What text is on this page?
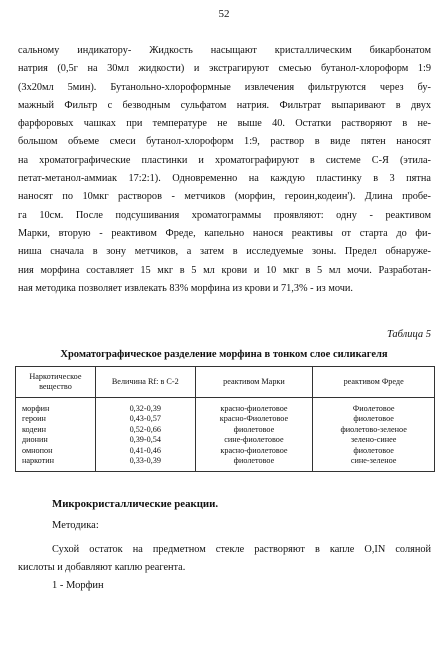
52
сальному индикатору- Жидкость насыщают кристаллическим бикарбонатом
натрия (0,5г на 30мл жидкости) и экстрагируют смесью бутанол-хлороформ 1:9
(3х20мл 5мин). Бутанольно-хлороформные извлечения фильтруются через бу-
мажный Фильтр с безводным сульфатом натрия. Фильтрат выпаривают в двух
фарфоровых чашках при температуре не выше 40. Остатки растворяют в не-
большом объеме смеси бутанол-хлороформ 1:9, раствор в виде пятен наносят
на хроматографические пластинки и хроматографируют в системе С-Я (этила-
петат-метанол-аммиак 17:2:1). Одновременно на каждую пластинку в 3 пятна
наносят по 10мкг растворов - метчиков (морфин, героин,кодеин'). Длина пробе-
га 10см. После подсушивания хроматограммы проявляют: одну - реактивом
Марки, вторую - реактивом Фреде, капельно нанося реактивы от старта до фи-
ниша сначала в зону метчиков, а затем в исследуемые зоны. Предел обнаруже-
ния морфина составляет 15 мкг в 5 мл крови и 10 мкг в 5 мл мочи. Разработан-
ная методика позволяет извлекать 83% морфина из крови и 71,3% - из мочи.
Таблица 5
Хроматографическое разделение морфина в тонком слое силикагеля
Наркотическое вещество	Величина Rf: в С-2	реактивом Марки	реактивом Фреде
морфин	0,32-0,39	красно-фиолетовое	Фиолетовое
героин	0,43-0,57	красно-Фиолетовое	фиолетовое
кодеин	0,52-0,66	фиолетовое	фиолетово-зеленое
дионин	0,39-0,54	сине-фиолетовое	зелено-синее
омнопон	0,41-0,46	красно-фиолетовое	фиолетовое
наркотин	0,33-0,39	фиолетовое	сине-зеленое
Микрокристаллические реакции.
Методика:
Сухой остаток на предметном стекле растворяют в капле O,IN соляной
кислоты и добавляют каплю реагента.
1 - Морфин
